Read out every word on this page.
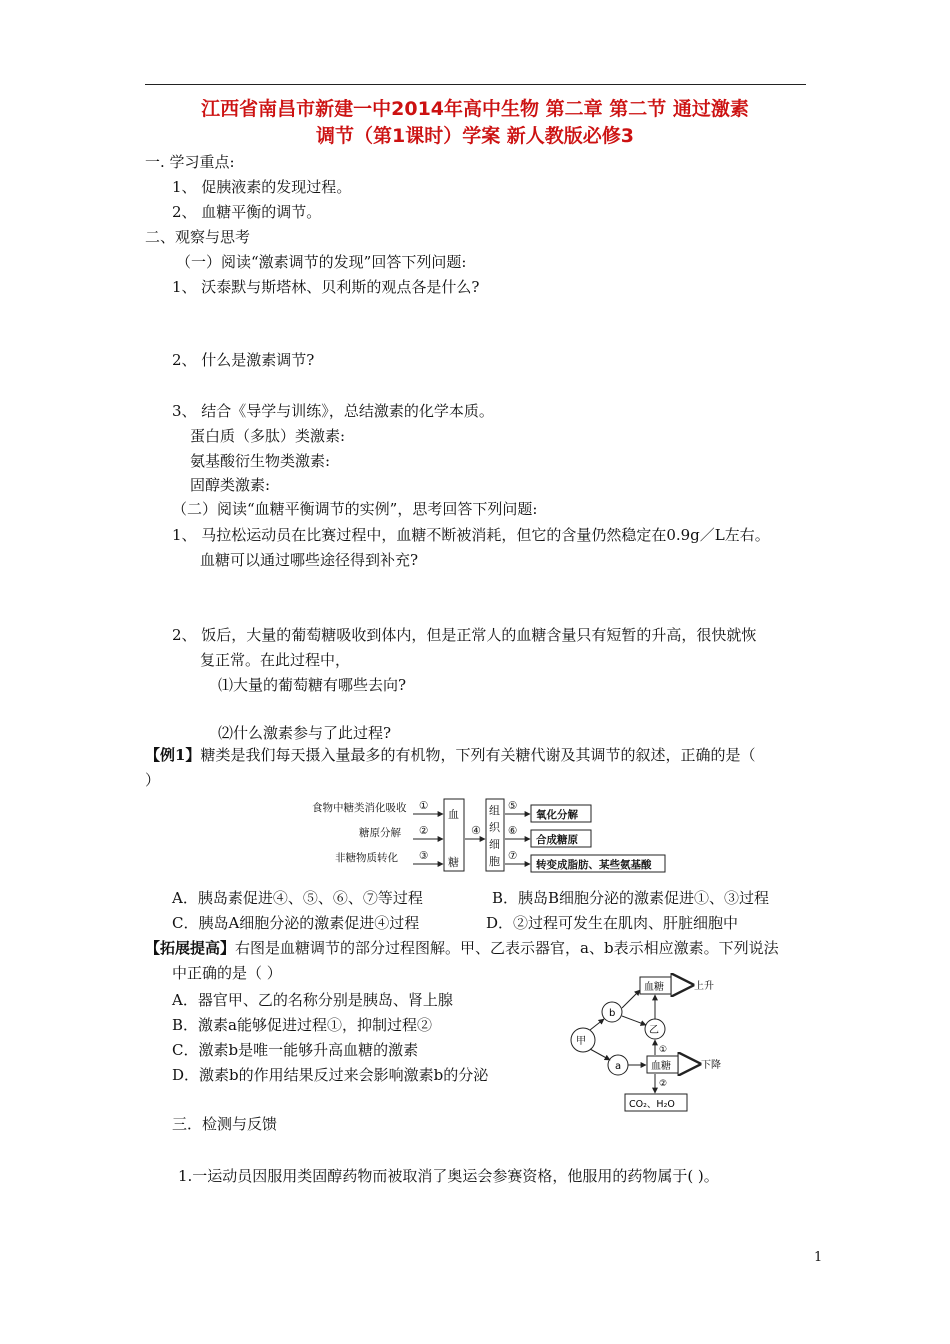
江西省南昌市新建一中2014年高中生物 第二章 第二节 通过激素
调节（第1课时）学案 新人教版必修3
一. 学习重点:
1、 促胰液素的发现过程。
2、 血糖平衡的调节。
二、观察与思考
（一）阅读“激素调节的发现”回答下列问题:
1、 沃泰默与斯塔林、贝利斯的观点各是什么?
2、 什么是激素调节?
3、 结合《导学与训练》，总结激素的化学本质。
蛋白质（多肽）类激素:
氨基酸衍生物类激素:
固醇类激素:
（二）阅读“血糖平衡调节的实例”，思考回答下列问题:
1、 马拉松运动员在比赛过程中，血糖不断被消耗，但它的含量仍然稳定在0.9g／L左右。
血糖可以通过哪些途径得到补充?
2、 饭后，大量的葡萄糖吸收到体内，但是正常人的血糖含量只有短暂的升高，很快就恢
复正常。在此过程中，
⑴大量的葡萄糖有哪些去向?
⑵什么激素参与了此过程?
【例1】糖类是我们每天摄入量最多的有机物，下列有关糖代谢及其调节的叙述，正确的是（
）
食物中糖类消化吸收
糖原分解
非糖物质转化
①
②
③
血
糖
④
组
织
细
胞
⑤
⑥
⑦
氧化分解
合成糖原
转变成脂肪、某些氨基酸
A．胰岛素促进④、⑤、⑥、⑦等过程	B．胰岛B细胞分泌的激素促进①、③过程
C．胰岛A细胞分泌的激素促进④过程	D．②过程可发生在肌肉、肝脏细胞中
【拓展提高】右图是血糖调节的部分过程图解。甲、乙表示器官，a、b表示相应激素。下列说法
中正确的是（ ）
A．器官甲、乙的名称分别是胰岛、肾上腺
B．激素a能够促进过程①，抑制过程②
C．激素b是唯一能够升高血糖的激素
D．激素b的作用结果反过来会影响激素b的分泌
血糖	上升
b
甲
a
乙
①
血糖	下降
②
CO₂、H₂O
三．检测与反馈
1.一运动员因服用类固醇药物而被取消了奥运会参赛资格，他服用的药物属于( )。
1
